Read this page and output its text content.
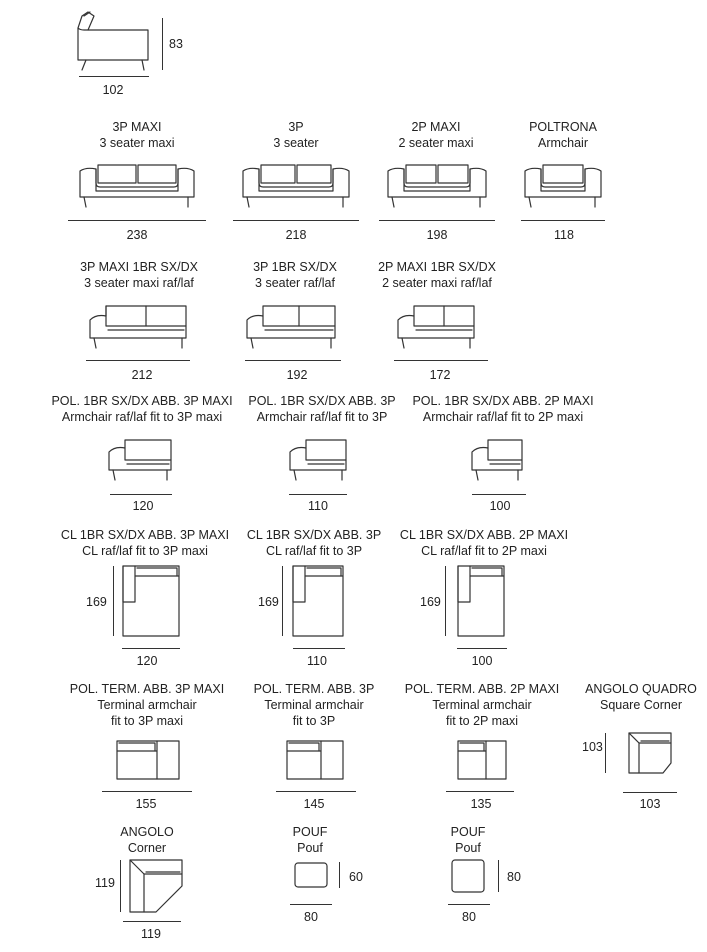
83
102
3P MAXI
3 seater maxi
238
3P
3 seater
218
2P MAXI
2 seater maxi
198
POLTRONA
Armchair
118
3P MAXI 1BR SX/DX
3 seater maxi raf/laf
212
3P 1BR SX/DX
3 seater raf/laf
192
2P MAXI 1BR SX/DX
2 seater maxi raf/laf
172
POL. 1BR SX/DX ABB. 3P MAXI
Armchair raf/laf fit to 3P maxi
120
POL. 1BR SX/DX ABB. 3P
Armchair raf/laf fit to 3P
110
POL. 1BR SX/DX ABB. 2P MAXI
Armchair raf/laf fit to 2P maxi
100
CL 1BR SX/DX ABB. 3P MAXI
CL raf/laf fit to 3P maxi
169
120
CL 1BR SX/DX ABB. 3P
CL raf/laf fit to 3P
169
110
CL 1BR SX/DX ABB. 2P MAXI
CL raf/laf fit to 2P maxi
169
100
POL. TERM. ABB. 3P MAXI
Terminal armchair
fit to 3P maxi
155
POL. TERM. ABB. 3P
Terminal armchair
fit to 3P
145
POL. TERM. ABB. 2P MAXI
Terminal armchair
fit to 2P maxi
135
ANGOLO QUADRO
Square Corner
103
103
ANGOLO
Corner
119
119
POUF
Pouf
60
80
POUF
Pouf
80
80
